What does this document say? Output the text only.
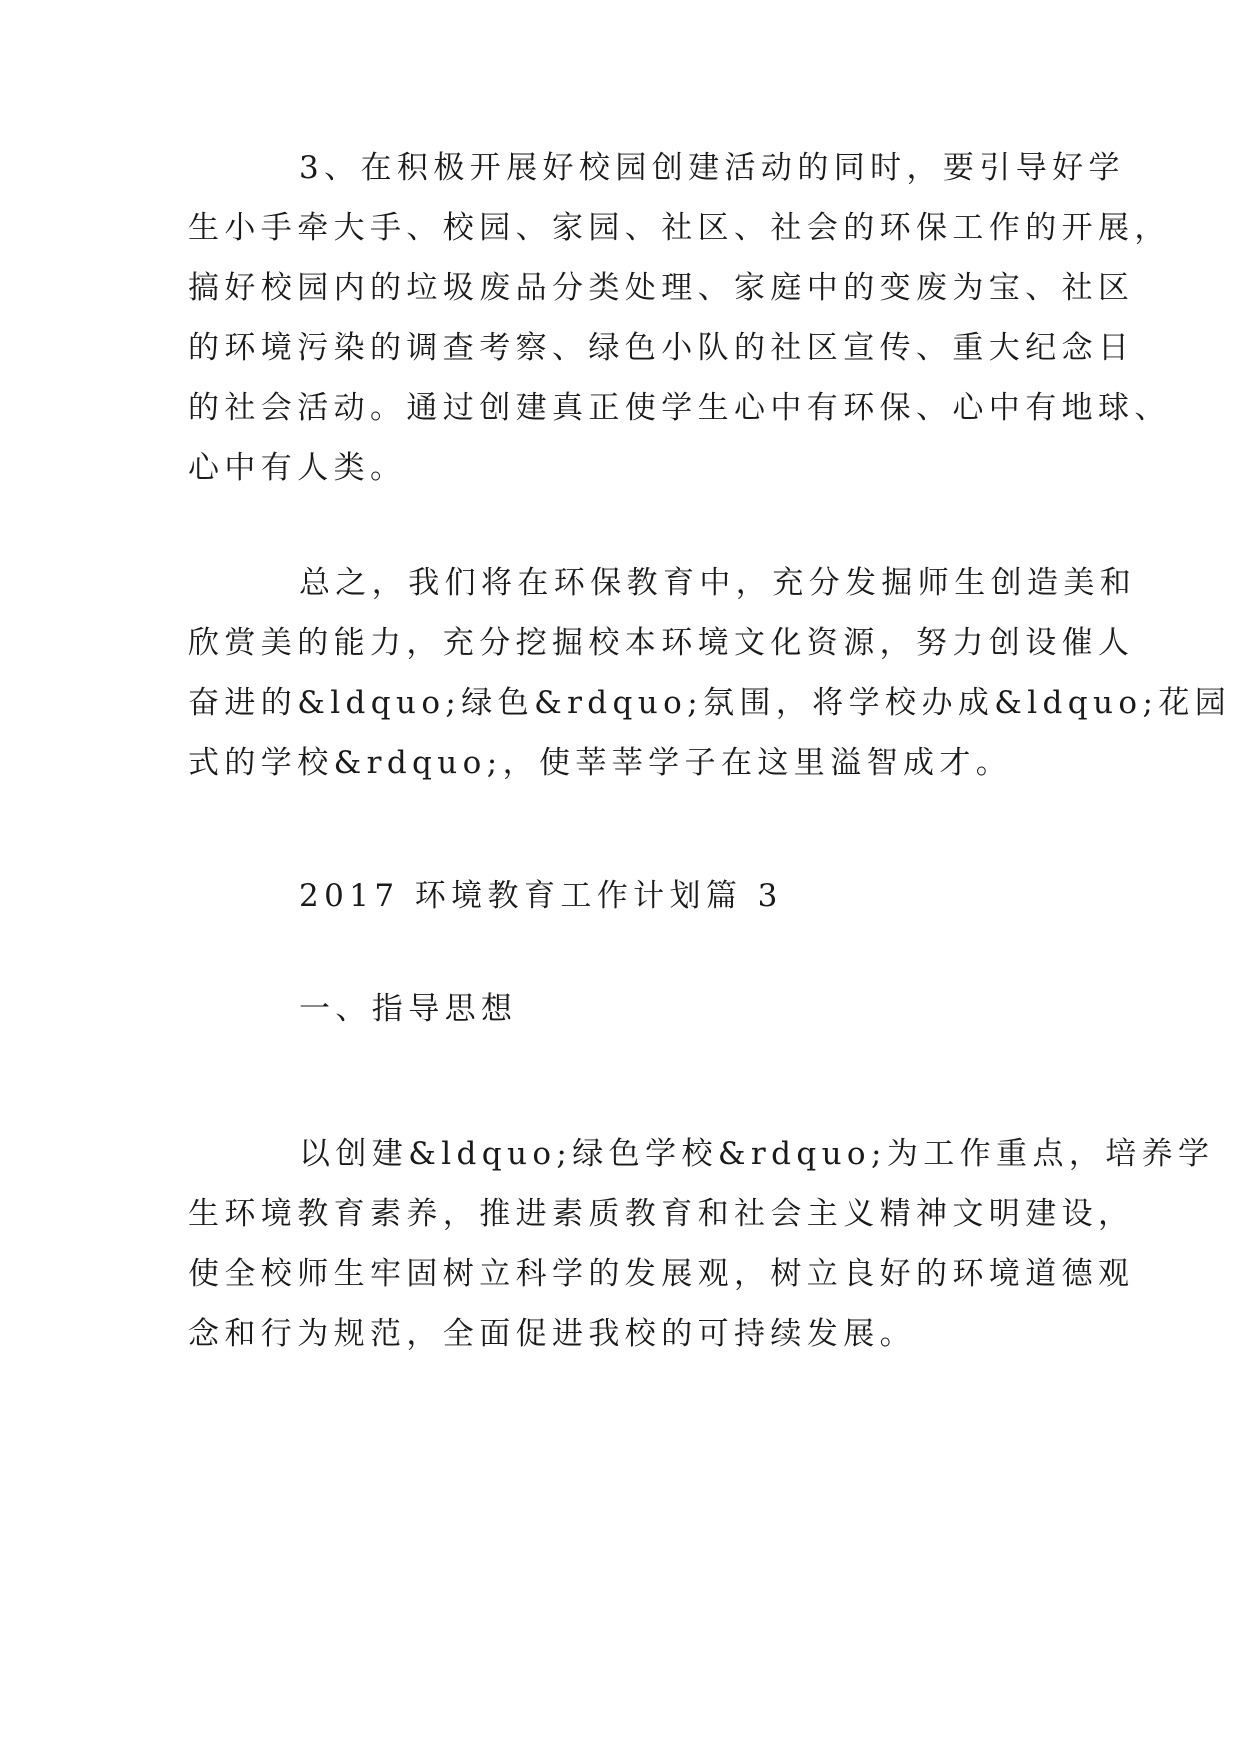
3、在积极开展好校园创建活动的同时，要引导好学
生小手牵大手、校园、家园、社区、社会的环保工作的开展，
搞好校园内的垃圾废品分类处理、家庭中的变废为宝、社区
的环境污染的调查考察、绿色小队的社区宣传、重大纪念日
的社会活动。通过创建真正使学生心中有环保、心中有地球、
心中有人类。
总之，我们将在环保教育中，充分发掘师生创造美和
欣赏美的能力，充分挖掘校本环境文化资源，努力创设催人
奋进的&ldquo;绿色&rdquo;氛围，将学校办成&ldquo;花园
式的学校&rdquo;，使莘莘学子在这里溢智成才。
2017 环境教育工作计划篇 3
一、指导思想
以创建&ldquo;绿色学校&rdquo;为工作重点，培养学
生环境教育素养，推进素质教育和社会主义精神文明建设，
使全校师生牢固树立科学的发展观，树立良好的环境道德观
念和行为规范，全面促进我校的可持续发展。
